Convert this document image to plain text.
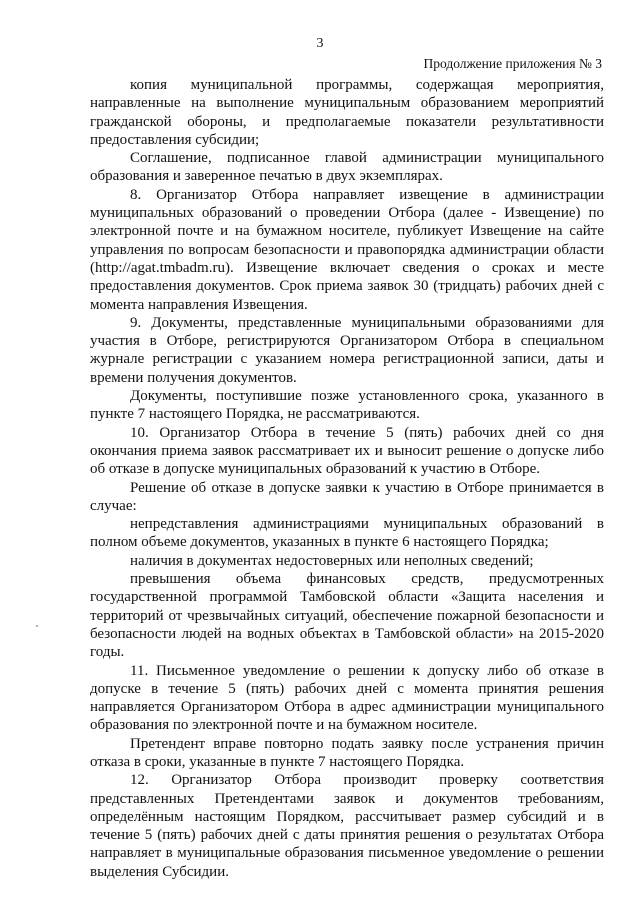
3
Продолжение приложения № 3

копия муниципальной программы, содержащая мероприятия, направленные на выполнение муниципальным образованием мероприятий гражданской обороны, и предполагаемые показатели результативности предоставления субсидии;

Соглашение, подписанное главой администрации муниципального образования и заверенное печатью в двух экземплярах.

8. Организатор Отбора направляет извещение в администрации муниципальных образований о проведении Отбора (далее - Извещение) по электронной почте и на бумажном носителе, публикует Извещение на сайте управления по вопросам безопасности и правопорядка администрации области (http://agat.tmbadm.ru). Извещение включает сведения о сроках и месте предоставления документов. Срок приема заявок 30 (тридцать) рабочих дней с момента направления Извещения.

9. Документы, представленные муниципальными образованиями для участия в Отборе, регистрируются Организатором Отбора в специальном журнале регистрации с указанием номера регистрационной записи, даты и времени получения документов.

Документы, поступившие позже установленного срока, указанного в пункте 7 настоящего Порядка, не рассматриваются.

10. Организатор Отбора в течение 5 (пять) рабочих дней со дня окончания приема заявок рассматривает их и выносит решение о допуске либо об отказе в допуске муниципальных образований к участию в Отборе.

Решение об отказе в допуске заявки к участию в Отборе принимается в случае:

непредставления администрациями муниципальных образований в полном объеме документов, указанных в пункте 6 настоящего Порядка;

наличия в документах недостоверных или неполных сведений;

превышения объема финансовых средств, предусмотренных государственной программой Тамбовской области «Защита населения и территорий от чрезвычайных ситуаций, обеспечение пожарной безопасности и безопасности людей на водных объектах в Тамбовской области» на 2015-2020 годы.

11. Письменное уведомление о решении к допуску либо об отказе в допуске в течение 5 (пять) рабочих дней с момента принятия решения направляется Организатором Отбора в адрес администрации муниципального образования по электронной почте и на бумажном носителе.

Претендент вправе повторно подать заявку после устранения причин отказа в сроки, указанные в пункте 7 настоящего Порядка.

12. Организатор Отбора производит проверку соответствия представленных Претендентами заявок и документов требованиям, определённым настоящим Порядком, рассчитывает размер субсидий и в течение 5 (пять) рабочих дней с даты принятия решения о результатах Отбора направляет в муниципальные образования письменное уведомление о решении выделения Субсидии.
